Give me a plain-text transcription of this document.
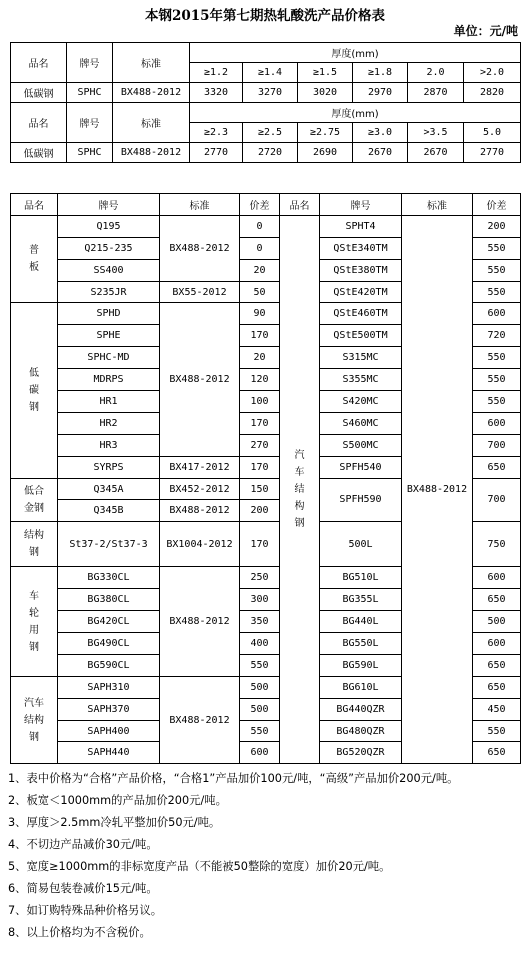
本钢2015年第七期热轧酸洗产品价格表
单位：元/吨
品名	牌号	标准	厚度(mm)					
			≥1.2	≥1.4	≥1.5	≥1.8	2.0	>2.0
低碳钢	SPHC	BX488-2012	3320	3270	3020	2970	2870	2820
品名	牌号	标准	厚度(mm)					
			≥2.3	≥2.5	≥2.75	≥3.0	>3.5	5.0
低碳钢	SPHC	BX488-2012	2770	2720	2690	2670	2670	2770
品名	牌号	标准	价差	品名	牌号	标准	价差

普板	Q195	BX488-2012	0	汽车结构钢	SPHT4	BX488-2012	200
	Q215-235		0		QStE340TM		550
	SS400		20		QStE380TM		550
	S235JR	BX55-2012	50		QStE420TM		550

低碳钢	SPHD	BX488-2012	90		QStE460TM		600
	SPHE		170		QStE500TM		720
	SPHC-MD		20		S315MC		550
	MDRPS		120		S355MC		550
	HR1		100		S420MC		550
	HR2		170		S460MC		600
	HR3		270		S500MC		700
	SYRPS	BX417-2012	170		SPFH540		650

低合金钢	Q345A	BX452-2012	150		SPFH590		700
	Q345B	BX488-2012	200				

结构钢	St37-2/St37-3	BX1004-2012	170		500L		750

车轮用钢	BG330CL	BX488-2012	250		BG510L		600
	BG380CL		300		BG355L		650
	BG420CL		350		BG440L		500
	BG490CL		400		BG550L		600
	BG590CL		550		BG590L		650

汽车结构钢	SAPH310	BX488-2012	500		BG610L		650
	SAPH370		500		BG440QZR		450
	SAPH400		550		BG480QZR		550
	SAPH440		600		BG520QZR		650
1、表中价格为“合格”产品价格，“合格1”产品加价100元/吨，“高级”产品加价200元/吨。
2、板宽＜1000mm的产品加价200元/吨。
3、厚度＞2.5mm冷轧平整加价50元/吨。
4、不切边产品减价30元/吨。
5、宽度≥1000mm的非标宽度产品（不能被50整除的宽度）加价20元/吨。
6、简易包装卷减价15元/吨。
7、如订购特殊品种价格另议。
8、以上价格均为不含税价。
